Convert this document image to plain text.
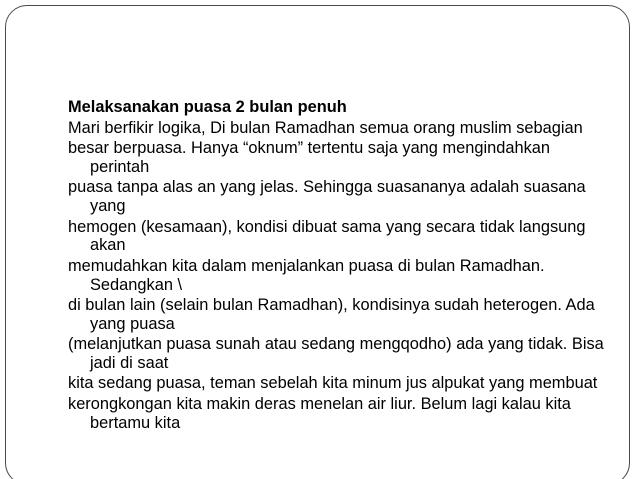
Melaksanakan puasa 2 bulan penuh
Mari berfikir logika, Di bulan Ramadhan semua orang muslim sebagian
besar berpuasa. Hanya “oknum” tertentu saja yang mengindahkan perintah
puasa tanpa alas an yang jelas. Sehingga suasananya adalah suasana yang
hemogen (kesamaan), kondisi dibuat sama yang secara tidak langsung akan
memudahkan kita dalam menjalankan puasa di bulan Ramadhan. Sedangkan \
di bulan lain (selain bulan Ramadhan), kondisinya sudah heterogen. Ada yang puasa
(melanjutkan puasa sunah atau sedang mengqodho) ada yang tidak. Bisa jadi di saat
kita sedang puasa, teman sebelah kita minum jus alpukat yang membuat
kerongkongan kita makin deras menelan air liur. Belum lagi kalau kita bertamu kita
